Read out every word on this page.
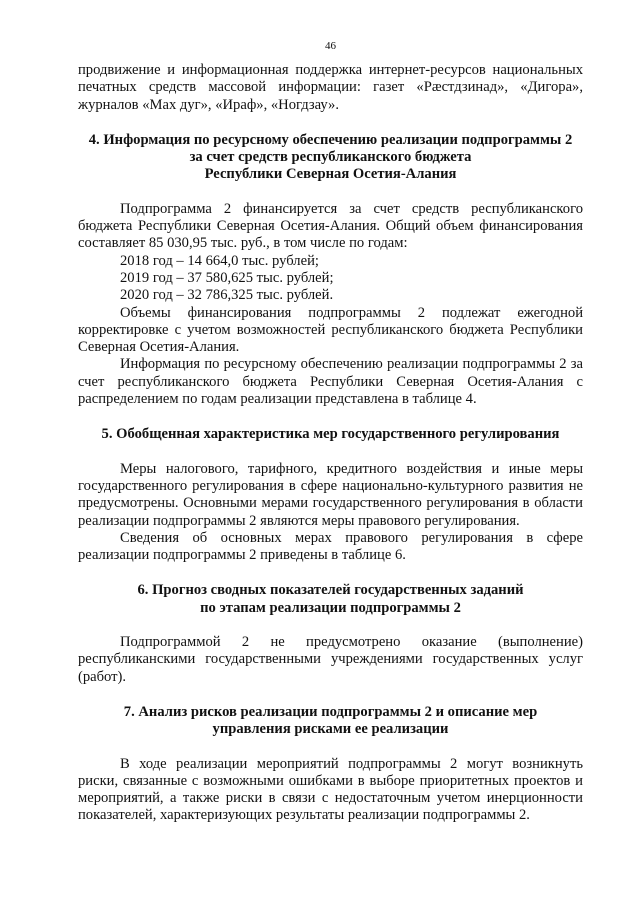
46

продвижение и информационная поддержка интернет-ресурсов национальных печатных средств массовой информации: газет «Рæстдзинад», «Дигора», журналов «Мах дуг», «Ираф», «Ногдзау».

4. Информация по ресурсному обеспечению реализации подпрограммы 2
за счет средств республиканского бюджета
Республики Северная Осетия-Алания

Подпрограмма 2 финансируется за счет средств республиканского бюджета Республики Северная Осетия-Алания. Общий объем финансирования составляет 85 030,95 тыс. руб., в том числе по годам:

2018 год – 14 664,0 тыс. рублей;
2019 год – 37 580,625 тыс. рублей;
2020 год – 32 786,325 тыс. рублей.

Объемы финансирования подпрограммы 2 подлежат ежегодной корректировке с учетом возможностей республиканского бюджета Республики Северная Осетия-Алания.

Информация по ресурсному обеспечению реализации подпрограммы 2 за счет республиканского бюджета Республики Северная Осетия-Алания с распределением по годам реализации представлена в таблице 4.

5. Обобщенная характеристика мер государственного регулирования

Меры налогового, тарифного, кредитного воздействия и иные меры государственного регулирования в сфере национально-культурного развития не предусмотрены. Основными мерами государственного регулирования в области реализации подпрограммы 2 являются меры правового регулирования.

Сведения об основных мерах правового регулирования в сфере реализации подпрограммы 2 приведены в таблице 6.

6. Прогноз сводных показателей государственных заданий
по этапам реализации подпрограммы 2

Подпрограммой 2 не предусмотрено оказание (выполнение) республиканскими государственными учреждениями государственных услуг (работ).

7. Анализ рисков реализации подпрограммы 2 и описание мер
управления рисками ее реализации

В ходе реализации мероприятий подпрограммы 2 могут возникнуть риски, связанные с возможными ошибками в выборе приоритетных проектов и мероприятий, а также риски в связи с недостаточным учетом инерционности показателей, характеризующих результаты реализации подпрограммы 2.
